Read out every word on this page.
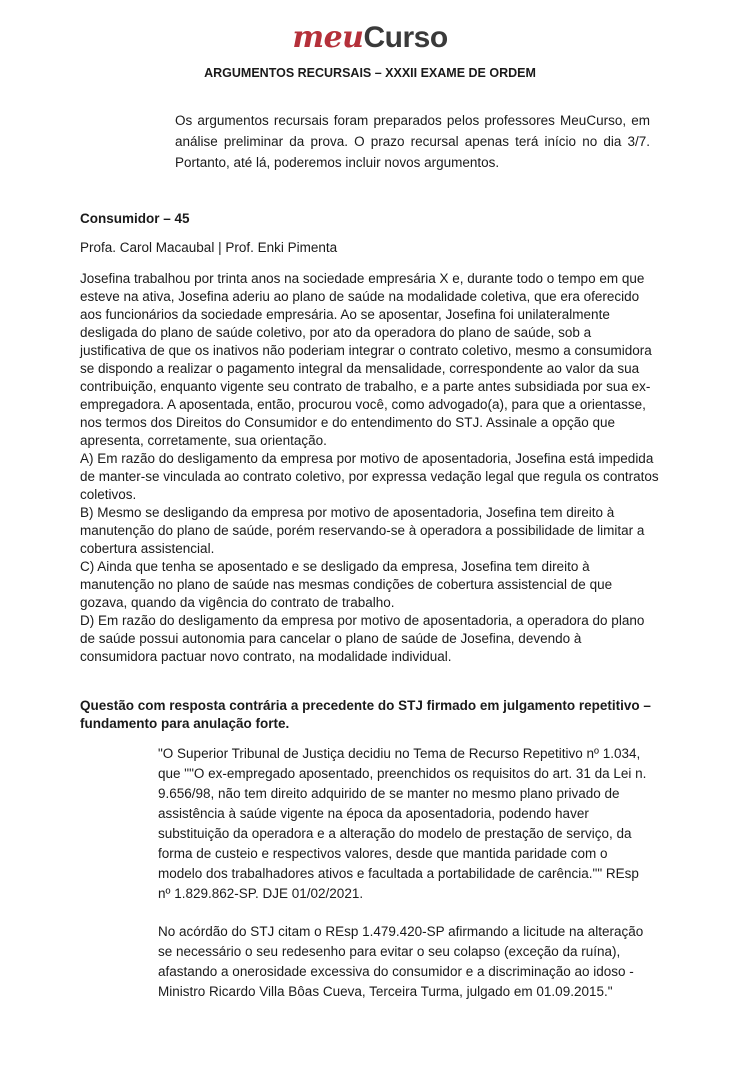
meuCurso
ARGUMENTOS RECURSAIS – XXXII EXAME DE ORDEM
Os argumentos recursais foram preparados pelos professores MeuCurso, em análise preliminar da prova. O prazo recursal apenas terá início no dia 3/7. Portanto, até lá, poderemos incluir novos argumentos.
Consumidor – 45
Profa. Carol Macaubal | Prof. Enki Pimenta

Josefina trabalhou por trinta anos na sociedade empresária X e, durante todo o tempo em que esteve na ativa, Josefina aderiu ao plano de saúde na modalidade coletiva, que era oferecido aos funcionários da sociedade empresária. Ao se aposentar, Josefina foi unilateralmente desligada do plano de saúde coletivo, por ato da operadora do plano de saúde, sob a justificativa de que os inativos não poderiam integrar o contrato coletivo, mesmo a consumidora se dispondo a realizar o pagamento integral da mensalidade, correspondente ao valor da sua contribuição, enquanto vigente seu contrato de trabalho, e a parte antes subsidiada por sua ex-empregadora. A aposentada, então, procurou você, como advogado(a), para que a orientasse, nos termos dos Direitos do Consumidor e do entendimento do STJ. Assinale a opção que apresenta, corretamente, sua orientação.

A) Em razão do desligamento da empresa por motivo de aposentadoria, Josefina está impedida de manter-se vinculada ao contrato coletivo, por expressa vedação legal que regula os contratos coletivos.

B) Mesmo se desligando da empresa por motivo de aposentadoria, Josefina tem direito à manutenção do plano de saúde, porém reservando-se à operadora a possibilidade de limitar a cobertura assistencial.

C) Ainda que tenha se aposentado e se desligado da empresa, Josefina tem direito à manutenção no plano de saúde nas mesmas condições de cobertura assistencial de que gozava, quando da vigência do contrato de trabalho.

D) Em razão do desligamento da empresa por motivo de aposentadoria, a operadora do plano de saúde possui autonomia para cancelar o plano de saúde de Josefina, devendo à consumidora pactuar novo contrato, na modalidade individual.

Questão com resposta contrária a precedente do STJ firmado em julgamento repetitivo – fundamento para anulação forte.

"O Superior Tribunal de Justiça decidiu no Tema de Recurso Repetitivo nº 1.034, que ""O ex-empregado aposentado, preenchidos os requisitos do art. 31 da Lei n. 9.656/98, não tem direito adquirido de se manter no mesmo plano privado de assistência à saúde vigente na época da aposentadoria, podendo haver substituição da operadora e a alteração do modelo de prestação de serviço, da forma de custeio e respectivos valores, desde que mantida paridade com o modelo dos trabalhadores ativos e facultada a portabilidade de carência."" REsp nº 1.829.862-SP. DJE 01/02/2021.

No acórdão do STJ citam o REsp 1.479.420-SP afirmando a licitude na alteração se necessário o seu redesenho para evitar o seu colapso (exceção da ruína), afastando a onerosidade excessiva do consumidor e a discriminação ao idoso - Ministro Ricardo Villa Bôas Cueva, Terceira Turma, julgado em 01.09.2015."
